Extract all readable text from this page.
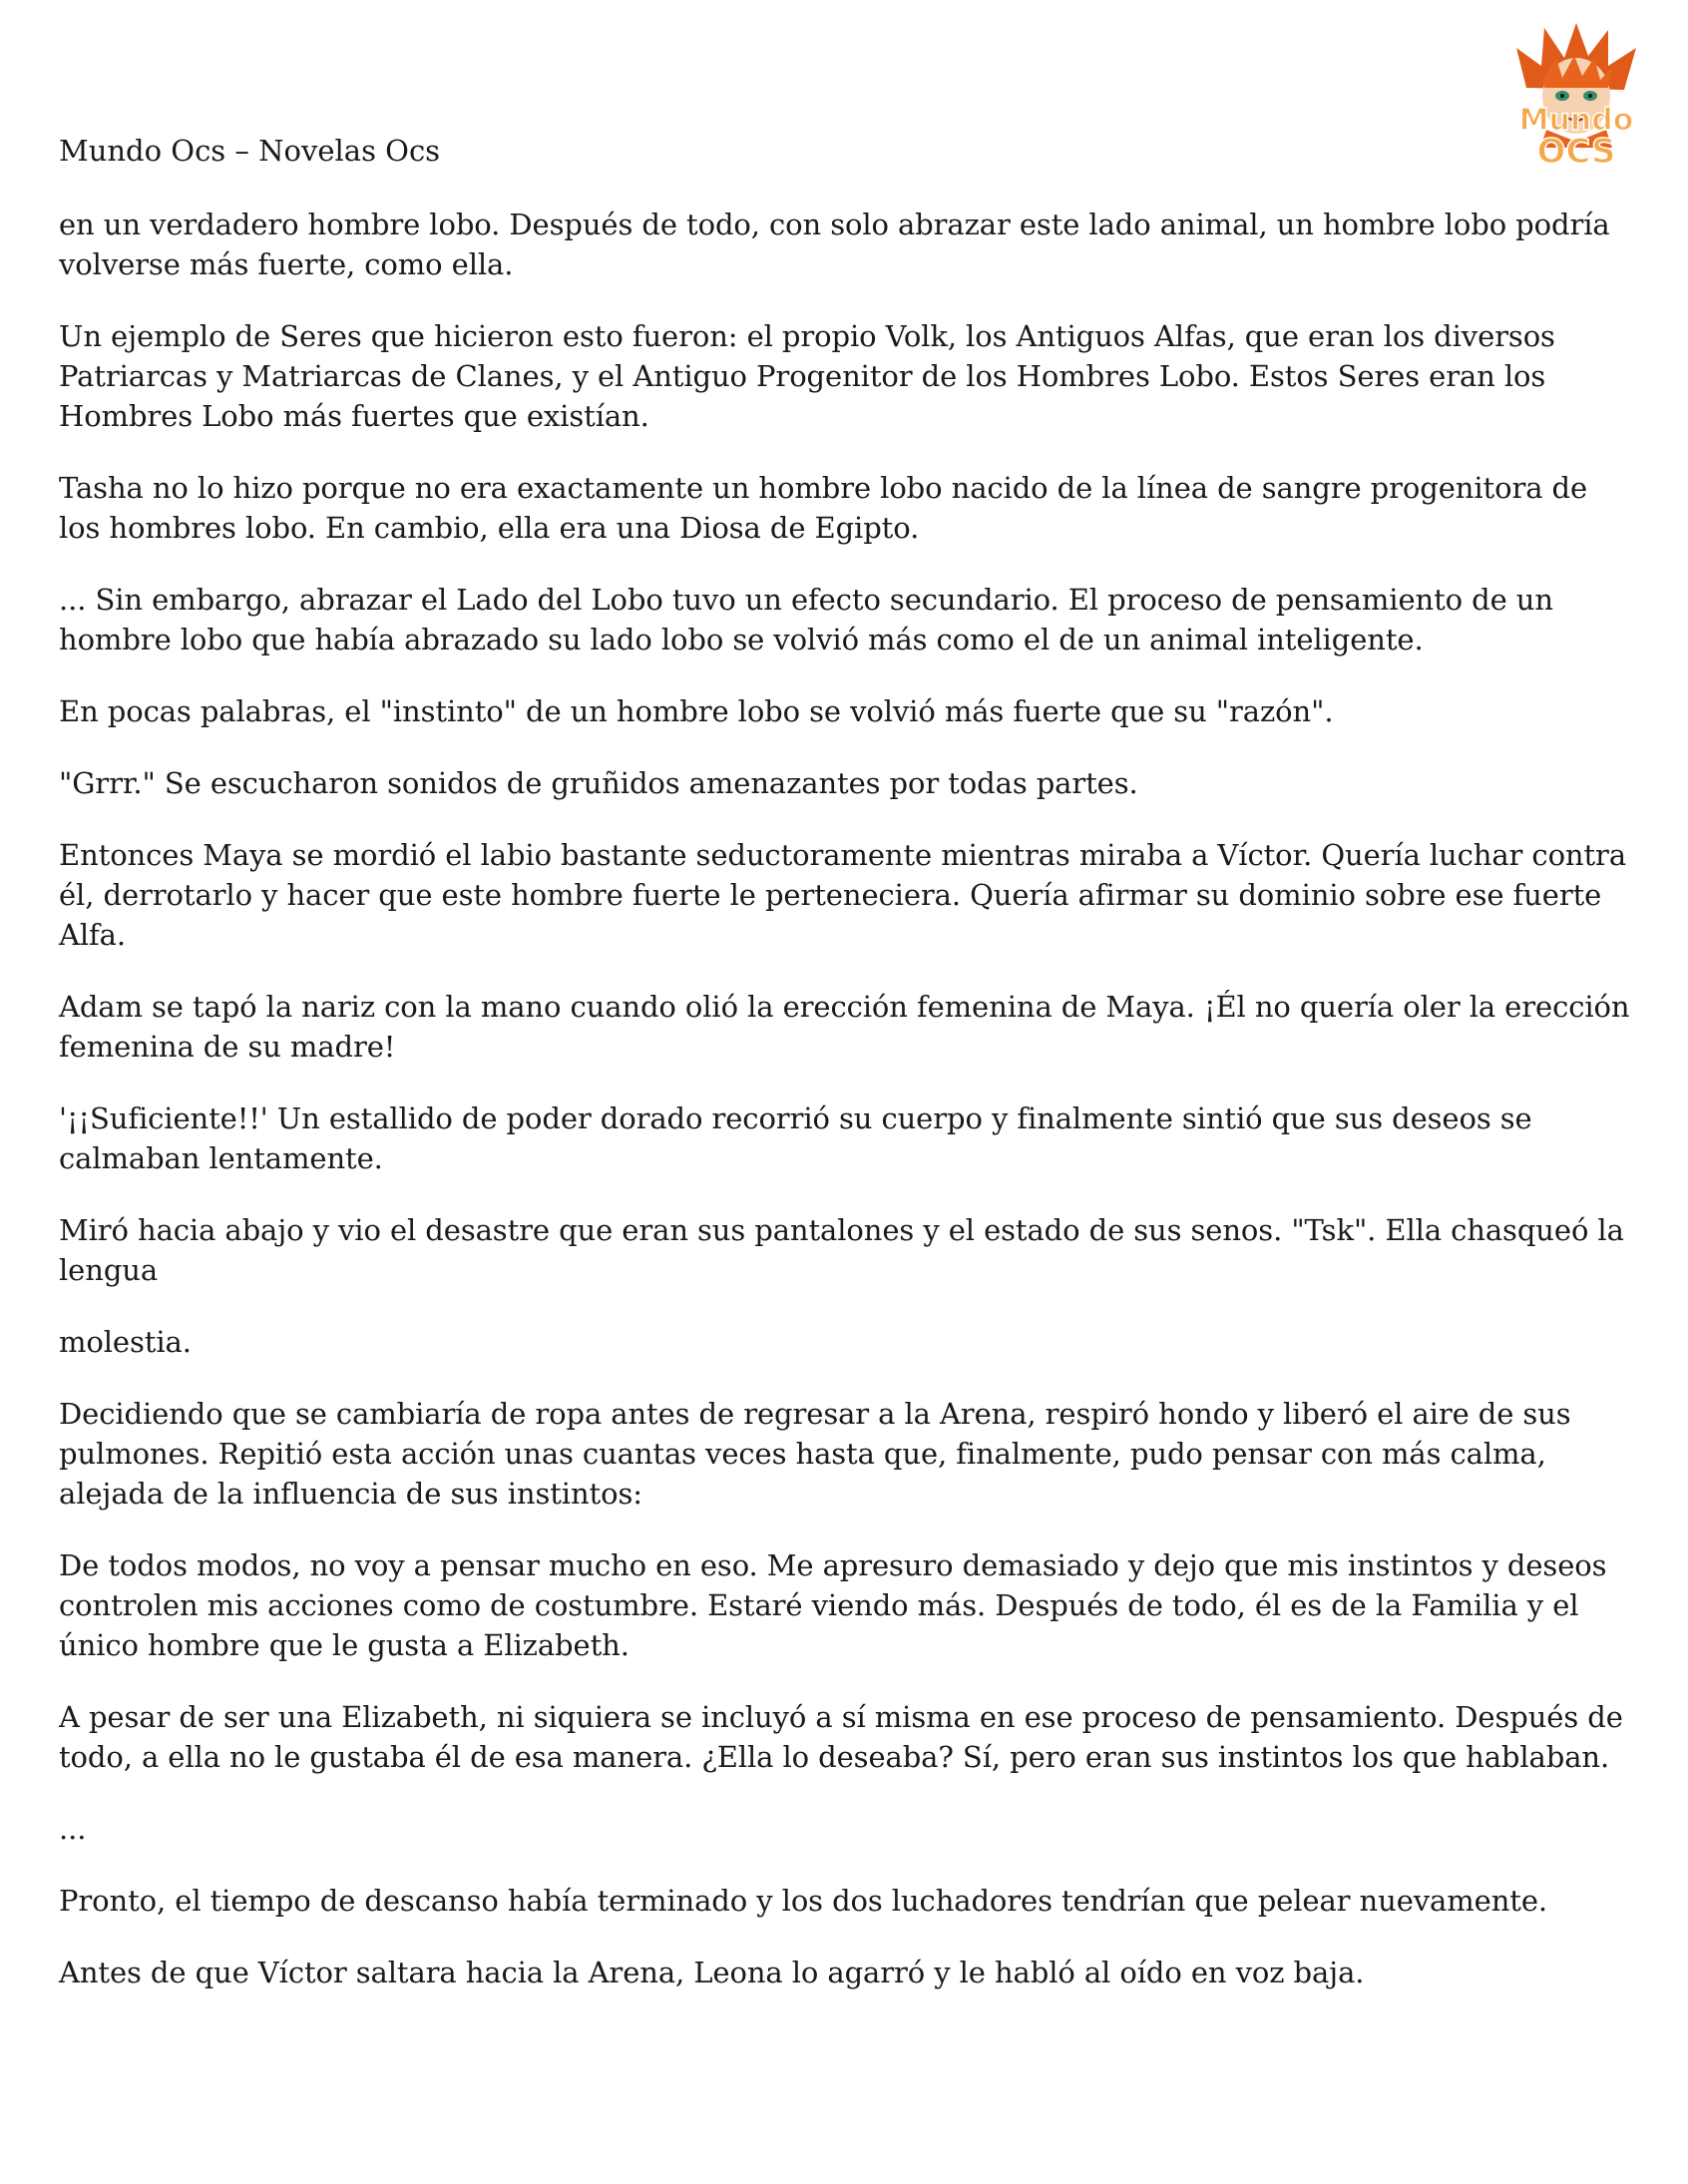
Mundo Ocs – Novelas Ocs
Mundo
OCS

en un verdadero hombre lobo. Después de todo, con solo abrazar este lado animal, un hombre lobo podría volverse más fuerte, como ella.

Un ejemplo de Seres que hicieron esto fueron: el propio Volk, los Antiguos Alfas, que eran los diversos Patriarcas y Matriarcas de Clanes, y el Antiguo Progenitor de los Hombres Lobo. Estos Seres eran los Hombres Lobo más fuertes que existían.

Tasha no lo hizo porque no era exactamente un hombre lobo nacido de la línea de sangre progenitora de los hombres lobo. En cambio, ella era una Diosa de Egipto.

... Sin embargo, abrazar el Lado del Lobo tuvo un efecto secundario. El proceso de pensamiento de un hombre lobo que había abrazado su lado lobo se volvió más como el de un animal inteligente.

En pocas palabras, el "instinto" de un hombre lobo se volvió más fuerte que su "razón".

"Grrr." Se escucharon sonidos de gruñidos amenazantes por todas partes.

Entonces Maya se mordió el labio bastante seductoramente mientras miraba a Víctor. Quería luchar contra él, derrotarlo y hacer que este hombre fuerte le perteneciera. Quería afirmar su dominio sobre ese fuerte Alfa.

Adam se tapó la nariz con la mano cuando olió la erección femenina de Maya. ¡Él no quería oler la erección femenina de su madre!

'¡¡Suficiente!!' Un estallido de poder dorado recorrió su cuerpo y finalmente sintió que sus deseos se calmaban lentamente.

Miró hacia abajo y vio el desastre que eran sus pantalones y el estado de sus senos. "Tsk". Ella chasqueó la lengua

molestia.

Decidiendo que se cambiaría de ropa antes de regresar a la Arena, respiró hondo y liberó el aire de sus pulmones. Repitió esta acción unas cuantas veces hasta que, finalmente, pudo pensar con más calma, alejada de la influencia de sus instintos:

De todos modos, no voy a pensar mucho en eso. Me apresuro demasiado y dejo que mis instintos y deseos controlen mis acciones como de costumbre. Estaré viendo más. Después de todo, él es de la Familia y el único hombre que le gusta a Elizabeth.

A pesar de ser una Elizabeth, ni siquiera se incluyó a sí misma en ese proceso de pensamiento. Después de todo, a ella no le gustaba él de esa manera. ¿Ella lo deseaba? Sí, pero eran sus instintos los que hablaban.

...

Pronto, el tiempo de descanso había terminado y los dos luchadores tendrían que pelear nuevamente.

Antes de que Víctor saltara hacia la Arena, Leona lo agarró y le habló al oído en voz baja.
